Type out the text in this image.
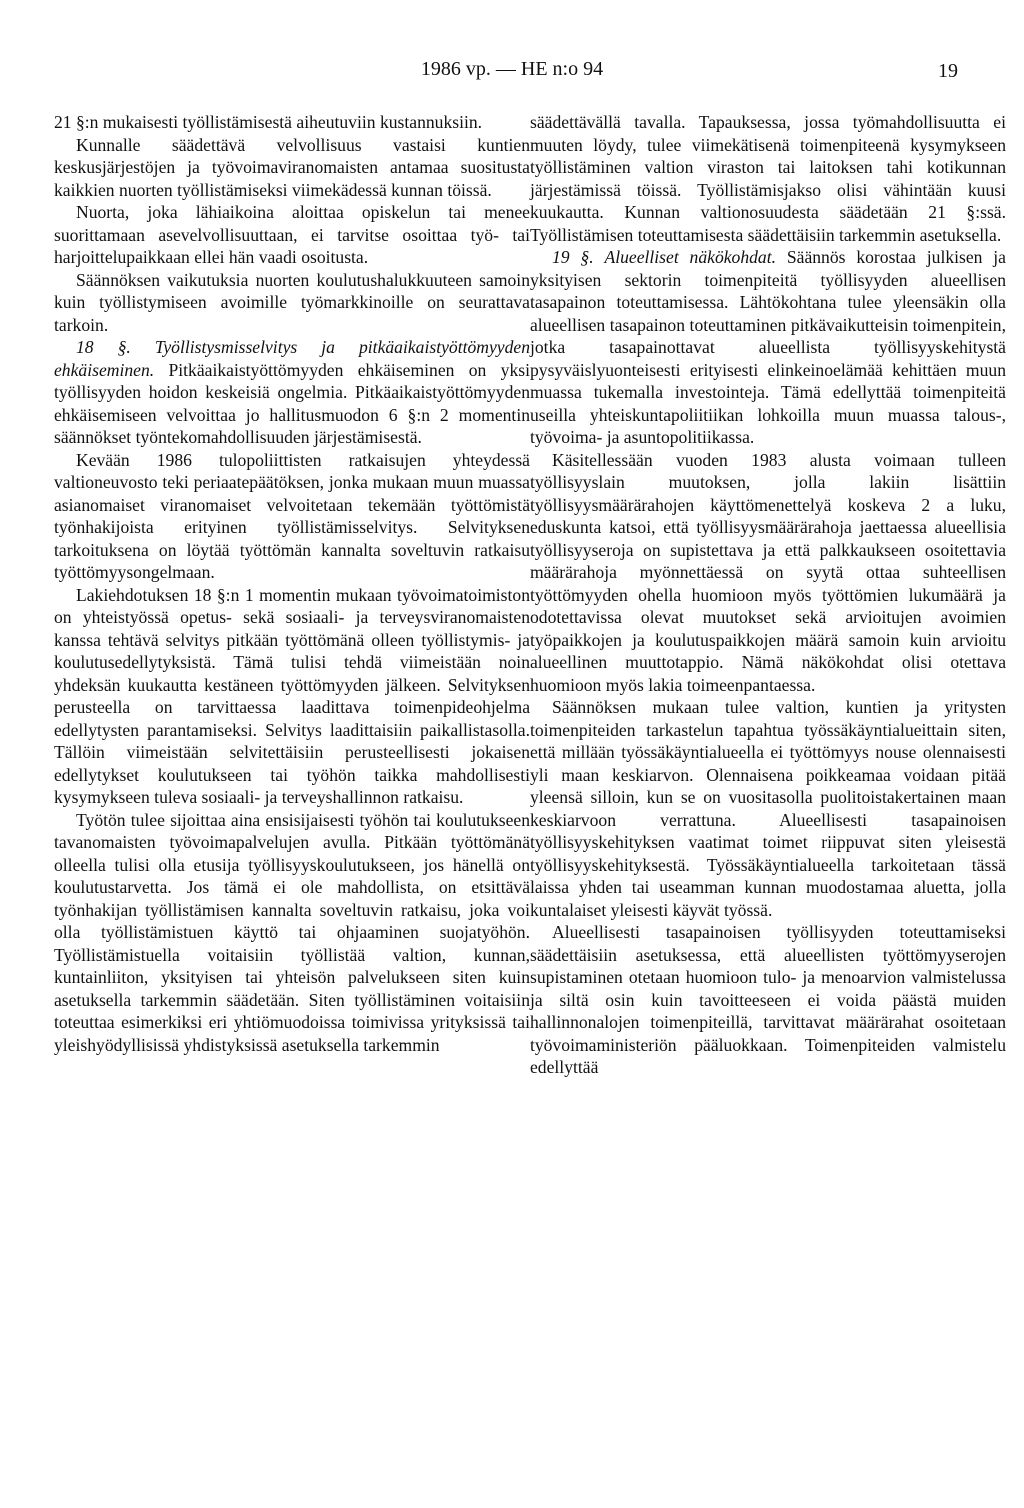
1986 vp. — HE n:o 94	19

21 §:n mukaisesti työllistämisestä aiheutuviin kustannuksiin.

Kunnalle säädettävä velvollisuus vastaisi kuntien keskusjärjestöjen ja työvoimaviranomaisten antamaa suositusta kaikkien nuorten työllistämiseksi viimekädessä kunnan töissä.

Nuorta, joka lähiaikoina aloittaa opiskelun tai menee suorittamaan asevelvollisuuttaan, ei tarvitse osoittaa työ- tai harjoittelupaikkaan ellei hän vaadi osoitusta.

Säännöksen vaikutuksia nuorten koulutushalukkuuteen samoin kuin työllistymiseen avoimille työmarkkinoille on seurattava tarkoin.

18 §. Työllistysmisselvitys ja pitkäaikaistyöttömyyden ehkäiseminen. Pitkäaikaistyöttömyyden ehkäiseminen on yksi työllisyyden hoidon keskeisiä ongelmia. Pitkäaikaistyöttömyyden ehkäisemiseen velvoittaa jo hallitusmuodon 6 §:n 2 momentin säännökset työntekomahdollisuuden järjestämisestä.

Kevään 1986 tulopoliittisten ratkaisujen yhteydessä valtioneuvosto teki periaatepäätöksen, jonka mukaan muun muassa asianomaiset viranomaiset velvoitetaan tekemään työttömistä työnhakijoista erityinen työllistämisselvitys. Selvityksen tarkoituksena on löytää työttömän kannalta soveltuvin ratkaisu työttömyysongelmaan.

Lakiehdotuksen 18 §:n 1 momentin mukaan työvoimatoimiston on yhteistyössä opetus- sekä sosiaali- ja terveysviranomaisten kanssa tehtävä selvitys pitkään työttömänä olleen työllistymis- ja koulutusedellytyksistä. Tämä tulisi tehdä viimeistään noin yhdeksän kuukautta kestäneen työttömyyden jälkeen. Selvityksen perusteella on tarvittaessa laadittava toimenpideohjelma edellytysten parantamiseksi. Selvitys laadittaisiin paikallistasolla. Tällöin viimeistään selvitettäisiin perusteellisesti jokaisen edellytykset koulutukseen tai työhön taikka mahdollisesti kysymykseen tuleva sosiaali- ja terveyshallinnon ratkaisu.

Työtön tulee sijoittaa aina ensisijaisesti työhön tai koulutukseen tavanomaisten työvoimapalvelujen avulla. Pitkään työttömänä olleella tulisi olla etusija työllisyyskoulutukseen, jos hänellä on koulutustarvetta. Jos tämä ei ole mahdollista, on etsittävä työnhakijan työllistämisen kannalta soveltuvin ratkaisu, joka voi olla työllistämistuen käyttö tai ohjaaminen suojatyöhön. Työllistämistuella voitaisiin työllistää valtion, kunnan, kuntainliiton, yksityisen tai yhteisön palvelukseen siten kuin asetuksella tarkemmin säädetään. Siten työllistäminen voitaisiin toteuttaa esimerkiksi eri yhtiömuodoissa toimivissa yrityksissä tai yleishyödyllisissä yhdistyksissä asetuksella tarkemmin

säädettävällä tavalla. Tapauksessa, jossa työmahdollisuutta ei muuten löydy, tulee viimekätisenä toimenpiteenä kysymykseen työllistäminen valtion viraston tai laitoksen tahi kotikunnan järjestämissä töissä. Työllistämisjakso olisi vähintään kuusi kuukautta. Kunnan valtionosuudesta säädetään 21 §:ssä. Työllistämisen toteuttamisesta säädettäisiin tarkemmin asetuksella.

19 §. Alueelliset näkökohdat. Säännös korostaa julkisen ja yksityisen sektorin toimenpiteitä työllisyyden alueellisen tasapainon toteuttamisessa. Lähtökohtana tulee yleensäkin olla alueellisen tasapainon toteuttaminen pitkävaikutteisin toimenpitein, jotka tasapainottavat alueellista työllisyyskehitystä pysyväislyuonteisesti erityisesti elinkeinoelämää kehittäen muun muassa tukemalla investointeja. Tämä edellyttää toimenpiteitä useilla yhteiskuntapoliitiikan lohkoilla muun muassa talous-, työvoima- ja asuntopolitiikassa.

Käsitellessään vuoden 1983 alusta voimaan tulleen työllisyyslain muutoksen, jolla lakiin lisättiin työllisyysmäärärahojen käyttömenettelyä koskeva 2 a luku, eduskunta katsoi, että työllisyysmäärärahoja jaettaessa alueellisia työllisyyseroja on supistettava ja että palkkaukseen osoitettavia määrärahoja myönnettäessä on syytä ottaa suhteellisen työttömyyden ohella huomioon myös työttömien lukumäärä ja odotettavissa olevat muutokset sekä arvioitujen avoimien työpaikkojen ja koulutuspaikkojen määrä samoin kuin arvioitu alueellinen muuttotappio. Nämä näkökohdat olisi otettava huomioon myös lakia toimeenpantaessa.

Säännöksen mukaan tulee valtion, kuntien ja yritysten toimenpiteiden tarkastelun tapahtua työssäkäyntialueittain siten, että millään työssäkäyntialueella ei työttömyys nouse olennaisesti yli maan keskiarvon. Olennaisena poikkeamaa voidaan pitää yleensä silloin, kun se on vuositasolla puolitoistakertainen maan keskiarvoon verrattuna. Alueellisesti tasapainoisen työllisyyskehityksen vaatimat toimet riippuvat siten yleisestä työllisyyskehityksestä. Työssäkäyntialueella tarkoitetaan tässä laissa yhden tai useamman kunnan muodostamaa aluetta, jolla kuntalaiset yleisesti käyvät työssä.

Alueellisesti tasapainoisen työllisyyden toteuttamiseksi säädettäisiin asetuksessa, että alueellisten työttömyyserojen supistaminen otetaan huomioon tulo- ja menoarvion valmistelussa ja siltä osin kuin tavoitteeseen ei voida päästä muiden hallinnonalojen toimenpiteillä, tarvittavat määrärahat osoitetaan työvoimaministeriön pääluokkaan. Toimenpiteiden valmistelu edellyttää
